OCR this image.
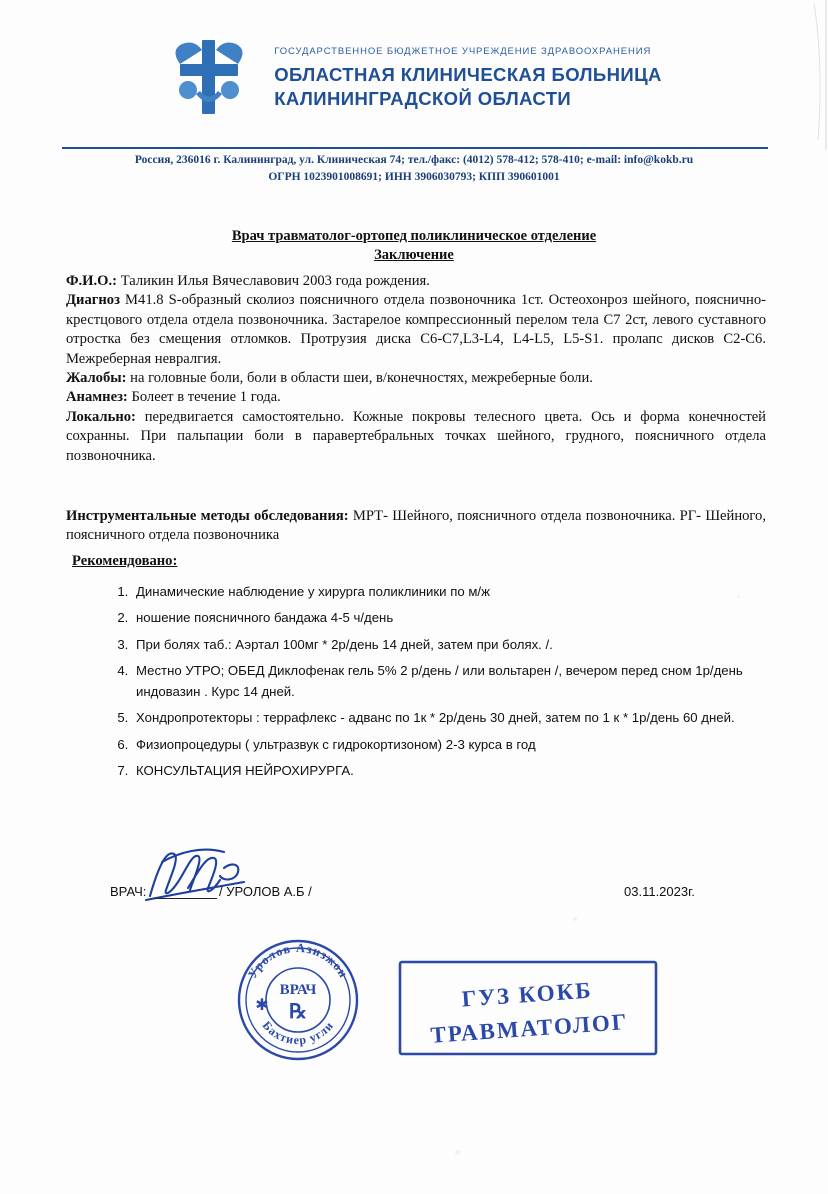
ГОСУДАРСТВЕННОЕ БЮДЖЕТНОЕ УЧРЕЖДЕНИЕ ЗДРАВООХРАНЕНИЯ
ОБЛАСТНАЯ КЛИНИЧЕСКАЯ БОЛЬНИЦА
КАЛИНИНГРАДСКОЙ ОБЛАСТИ
Россия, 236016 г. Калининград, ул. Клиническая 74; тел./факс: (4012) 578-412; 578-410; e-mail: info@kokb.ru
ОГРН 1023901008691; ИНН 3906030793; КПП 390601001
Врач травматолог-ортопед поликлиническое отделение
Заключение

Ф.И.О.: Таликин Илья Вячеславович 2003 года рождения.

Диагноз M41.8 S-образный сколиоз поясничного отдела позвоночника 1ст. Остеохонроз шейного, пояснично-крестцового отдела отдела позвоночника. Застарелое компрессионный перелом тела С7 2ст, левого суставного отростка без смещения отломков. Протрузия диска С6-С7,L3-L4, L4-L5, L5-S1. пролапс дисков С2-С6. Межреберная невралгия.

Жалобы: на головные боли, боли в области шеи, в/конечностях, межреберные боли.

Анамнез: Болеет в течение 1 года.

Локально: передвигается самостоятельно. Кожные покровы телесного цвета. Ось и форма конечностей сохранны. При пальпации боли в паравертебральных точках шейного, грудного, поясничного отдела позвоночника.

Инструментальные методы обследования: МРТ- Шейного, поясничного отдела позвоночника. РГ- Шейного, поясничного отдела позвоночника

Рекомендовано:
1. Динамические наблюдение у хирурга поликлиники по м/ж
2. ношение поясничного бандажа 4-5 ч/день
3. При болях таб.: Аэртал 100мг * 2р/день 14 дней, затем при болях. /.
4. Местно УТРО; ОБЕД Диклофенак гель 5% 2 р/день / или вольтарен /, вечером перед сном 1р/день индовазин . Курс 14 дней.
5. Хондропротекторы : террафлекс - адванс по 1к * 2р/день 30 дней, затем по 1 к * 1р/день 60 дней.
6. Физиопроцедуры ( ультразвук с гидрокортизоном) 2-3 курса в год
7. КОНСУЛЬТАЦИЯ НЕЙРОХИРУРГА.
ВРАЧ:	/ УРОЛОВ А.Б /	03.11.2023г.
Уролов Азизжон
Бахтиер угли
ВРАЧ
℞
✱	ГУЗ КОКБ
ТРАВМАТОЛОГ
